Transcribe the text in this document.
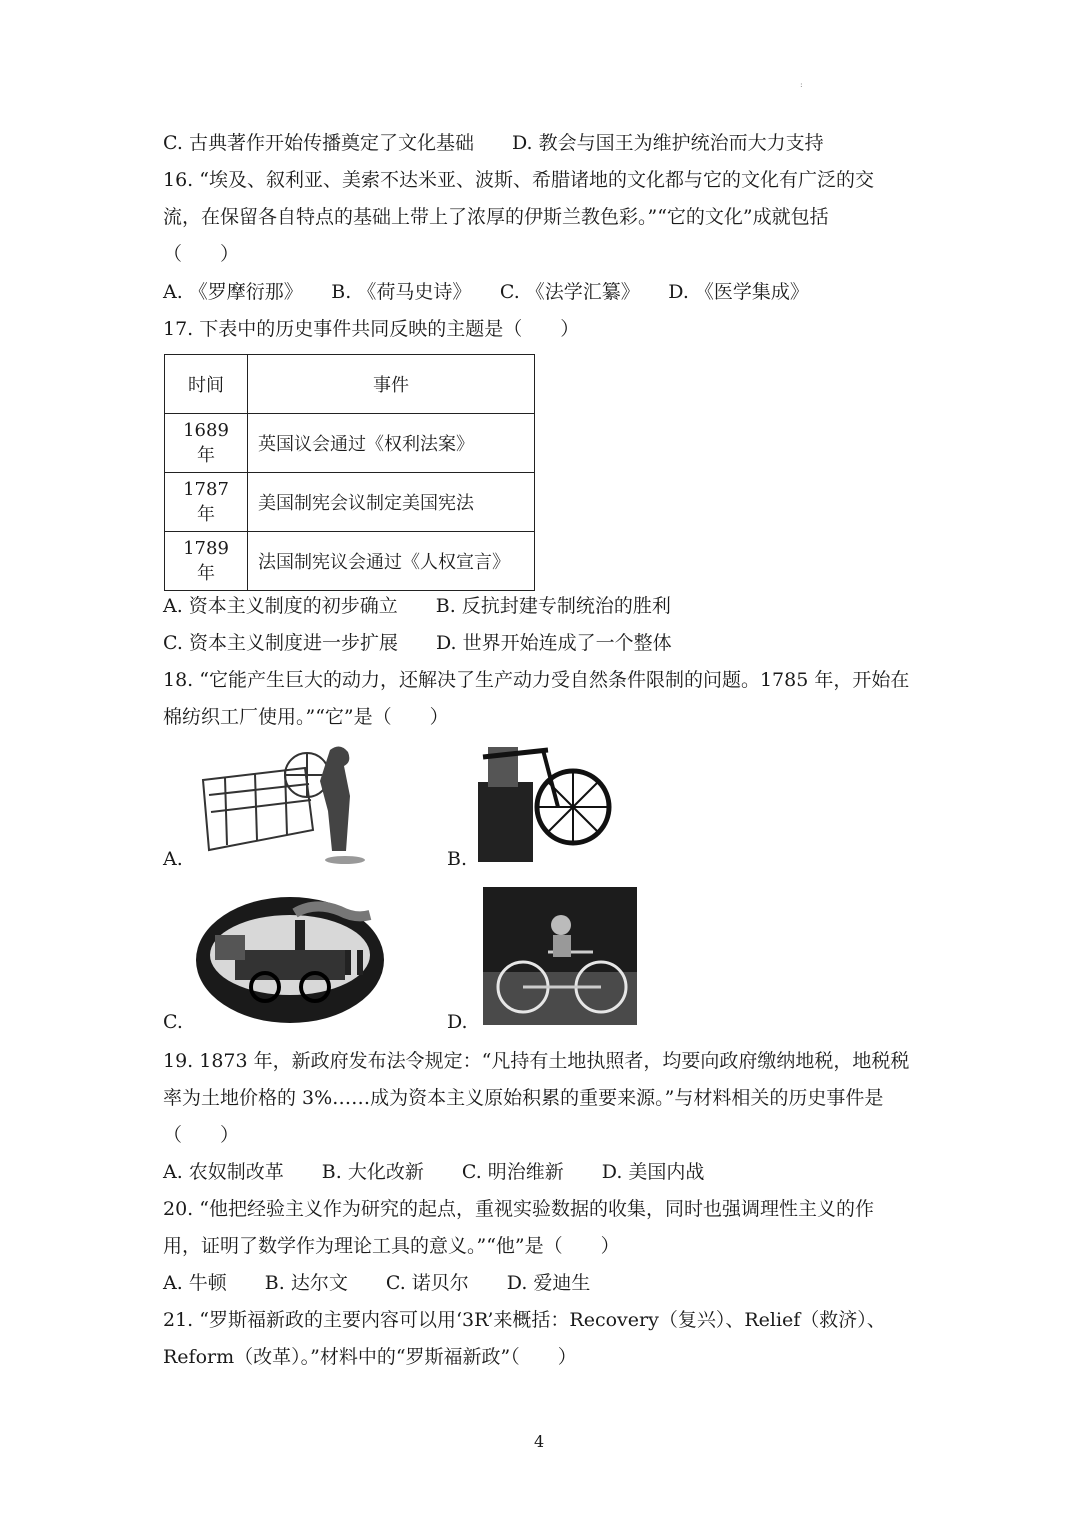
:
C. 古典著作开始传播奠定了文化基础　　D. 教会与国王为维护统治而大力支持
16. “埃及、叙利亚、美索不达米亚、波斯、希腊诸地的文化都与它的文化有广泛的交
流，在保留各自特点的基础上带上了浓厚的伊斯兰教色彩。”“它的文化”成就包括
（　　）
A. 《罗摩衍那》　　B. 《荷马史诗》　　C. 《法学汇纂》　　D. 《医学集成》
17. 下表中的历史事件共同反映的主题是（　　）
时间	事件
1689 年	英国议会通过《权利法案》
1787 年	美国制宪会议制定美国宪法
1789 年	法国制宪议会通过《人权宣言》
A. 资本主义制度的初步确立　　B. 反抗封建专制统治的胜利
C. 资本主义制度进一步扩展　　D. 世界开始连成了一个整体
18. “它能产生巨大的动力，还解决了生产动力受自然条件限制的问题。1785 年，开始在
棉纺织工厂使用。”“它”是（　　）
A.	B.
C.	D.
19. 1873 年，新政府发布法令规定：“凡持有土地执照者，均要向政府缴纳地税，地税税
率为土地价格的 3%……成为资本主义原始积累的重要来源。”与材料相关的历史事件是
（　　）
A. 农奴制改革　　B. 大化改新　　C. 明治维新　　D. 美国内战
20. “他把经验主义作为研究的起点，重视实验数据的收集，同时也强调理性主义的作
用，证明了数学作为理论工具的意义。”“他”是（　　）
A. 牛顿　　B. 达尔文　　C. 诺贝尔　　D. 爱迪生
21. “罗斯福新政的主要内容可以用‘3R’来概括：Recovery（复兴）、Relief（救济）、
Reform（改革）。”材料中的“罗斯福新政”（　　）
4
